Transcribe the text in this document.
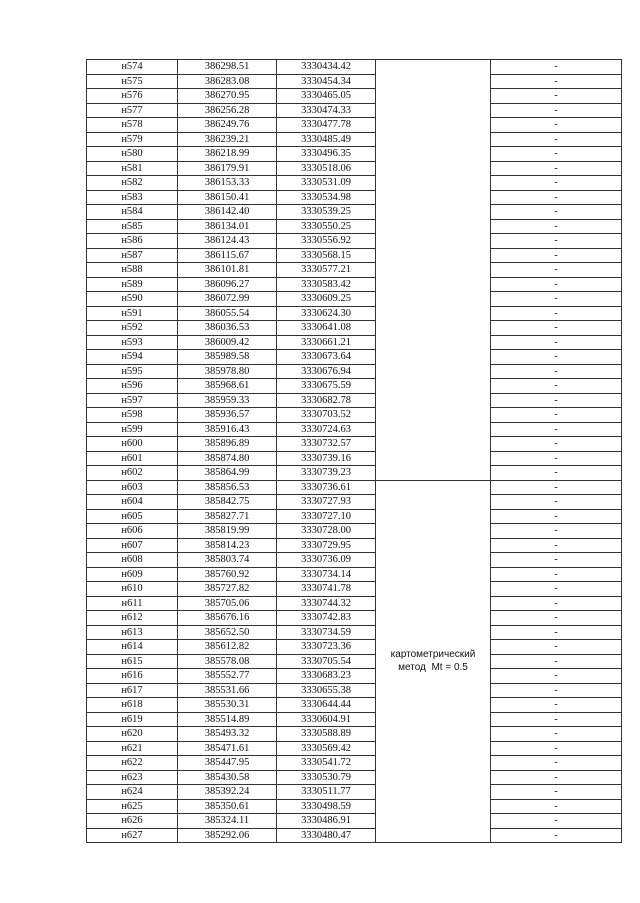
н574	386298.51	3330434.42		-
н575	386283.08	3330454.34		-
н576	386270.95	3330465.05		-
н577	386256.28	3330474.33		-
н578	386249.76	3330477.78		-
н579	386239.21	3330485.49		-
н580	386218.99	3330496.35		-
н581	386179.91	3330518.06		-
н582	386153.33	3330531.09		-
н583	386150.41	3330534.98		-
н584	386142.40	3330539.25		-
н585	386134.01	3330550.25		-
н586	386124.43	3330556.92		-
н587	386115.67	3330568.15		-
н588	386101.81	3330577.21		-
н589	386096.27	3330583.42		-
н590	386072.99	3330609.25		-
н591	386055.54	3330624.30		-
н592	386036.53	3330641.08		-
н593	386009.42	3330661.21		-
н594	385989.58	3330673.64		-
н595	385978.80	3330676.94		-
н596	385968.61	3330675.59		-
н597	385959.33	3330682.78		-
н598	385936.57	3330703.52		-
н599	385916.43	3330724.63		-
н600	385896.89	3330732.57		-
н601	385874.80	3330739.16		-
н602	385864.99	3330739.23		-
н603	385856.53	3330736.61	картометрический
метод  Mt = 0.5	-
н604	385842.75	3330727.93		-
н605	385827.71	3330727.10		-
н606	385819.99	3330728.00		-
н607	385814.23	3330729.95		-
н608	385803.74	3330736.09		-
н609	385760.92	3330734.14		-
н610	385727.82	3330741.78		-
н611	385705.06	3330744.32		-
н612	385676.16	3330742.83		-
н613	385652.50	3330734.59		-
н614	385612.82	3330723.36		-
н615	385578.08	3330705.54		-
н616	385552.77	3330683.23		-
н617	385531.66	3330655.38		-
н618	385530.31	3330644.44		-
н619	385514.89	3330604.91		-
н620	385493.32	3330588.89		-
н621	385471.61	3330569.42		-
н622	385447.95	3330541.72		-
н623	385430.58	3330530.79		-
н624	385392.24	3330511.77		-
н625	385350.61	3330498.59		-
н626	385324.11	3330486.91		-
н627	385292.06	3330480.47		-
